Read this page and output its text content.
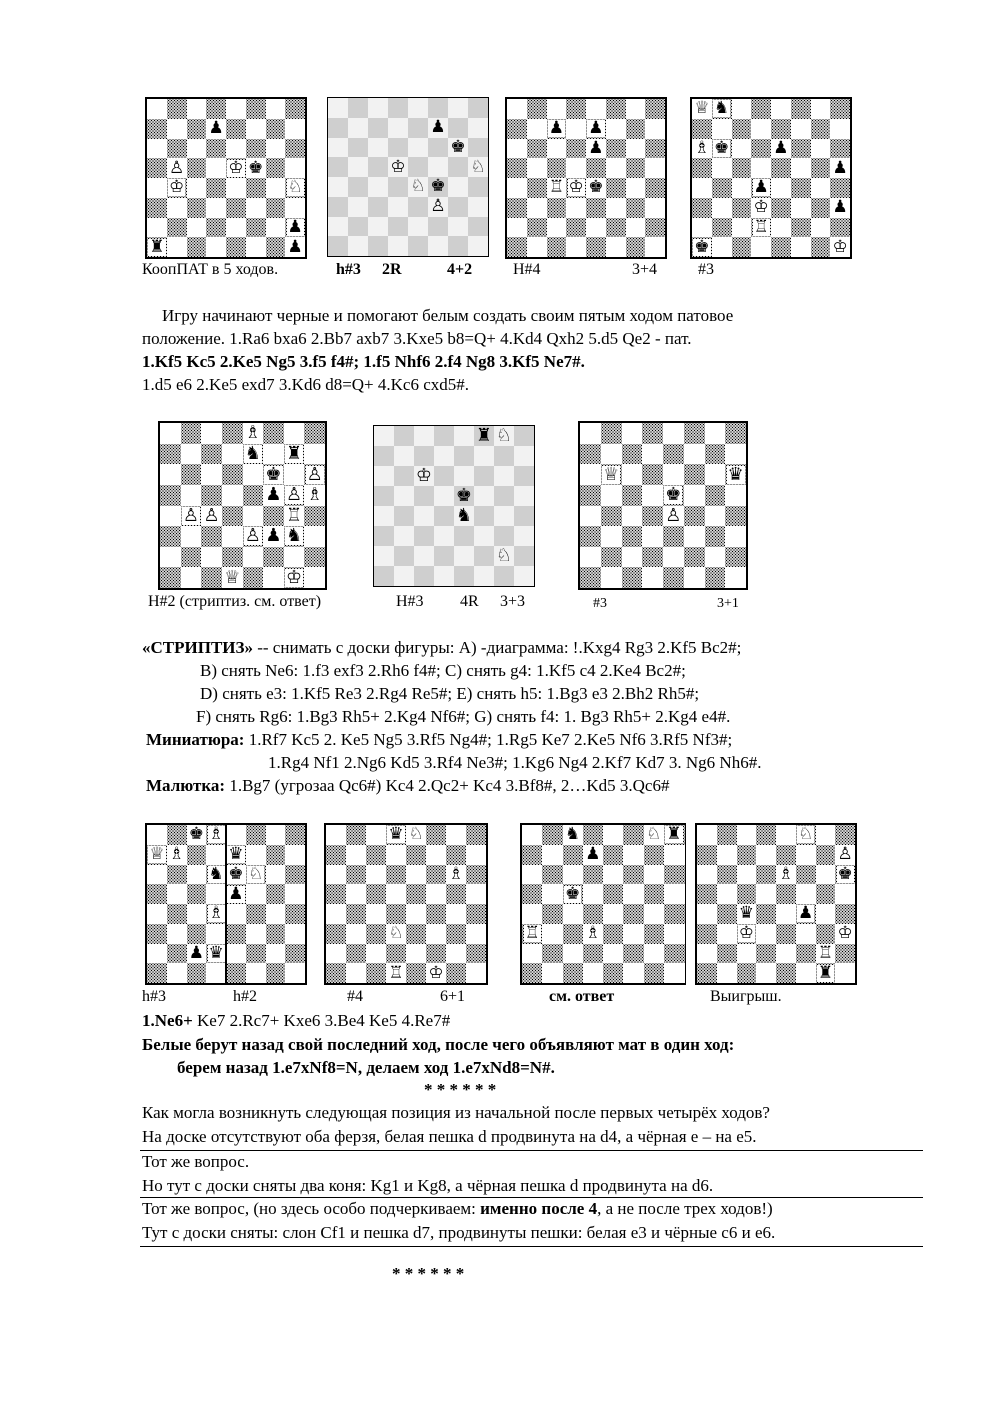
♟
♙	♔ ♚
♔	♘
♟
♜	♟
♟
♚
♔	♘
♘ ♚
♙
♟ ♟
♟
♖ ♔ ♚
♕ ♞
♗ ♚	♟
♟
♟
♔	♟
♖
♚	♔
КоопПАТ в 5 ходов.	h#3 2R	4+2	H#4	3+4	#3
Игру начинают черные и помогают белым создать своим пятым ходом патовое
положение. 1.Ra6 bxa6 2.Bb7 axb7 3.Kxe5 b8=Q+ 4.Kd4 Qxh2 5.d5 Qe2 - пат.
1.Kf5 Kc5 2.Ke5 Ng5 3.f5 f4#; 1.f5 Nhf6 2.f4 Ng8 3.Kf5 Ne7#.
1.d5 e6 2.Ke5 exd7 3.Kd6 d8=Q+ 4.Kc6 cxd5#.
♗
♞ ♜
♚ ♙
♟ ♙ ♗
♙ ♙	♖
♙ ♟ ♞
♕	♔
♜ ♘
♔
♚
♞
♘
♕	♛
♚
♙
H#2 (стриптиз. см. ответ)	H#3 4R 3+3	#3	3+1
«СТРИПТИЗ» -- снимать с доски фигуры: А) -диаграмма: !.Kxg4 Rg3 2.Kf5 Bc2#;
В) снять Ne6: 1.f3 exf3 2.Rh6 f4#; С) снять g4: 1.Kf5 c4 2.Ke4 Bc2#;
D) снять e3: 1.Kf5 Re3 2.Rg4 Re5#; E) снять h5: 1.Bg3 e3 2.Bh2 Rh5#;
F) снять Rg6: 1.Bg3 Rh5+ 2.Kg4 Nf6#; G) снять f4: 1. Bg3 Rh5+ 2.Kg4 e4#.
Миниатюра: 1.Rf7 Kc5 2. Ke5 Ng5 3.Rf5 Ng4#; 1.Rg5 Ke7 2.Ke5 Nf6 3.Rf5 Nf3#;
1.Rg4 Nf1 2.Ng6 Kd5 3.Rf4 Ne3#; 1.Kg6 Ng4 2.Kf7 Kd7 3. Ng6 Nh6#.
Малютка: 1.Bg7 (угрозаа Qc6#) Kc4 2.Qc2+ Kc4 3.Bf8#, 2…Kd5 3.Qc6#
♚ ♗
♕ ♗	♛
♞ ♚ ♘
♟
♗
♟ ♛
♛ ♘
♗
♘
♖ ♔
♞	♘ ♜
♟
♚
♖	♗
♘
♙
♗	♚
♛	♟
♔	♔
♖
♜
h#3	h#2	#4	6+1	см. ответ	Выигрыш.
1.Ne6+ Ke7 2.Rc7+ Kxe6 3.Be4 Ke5 4.Re7#
Белые берут назад свой последний ход, после чего объявляют мат в один ход:
берем назад 1.e7xNf8=N, делаем ход 1.e7xNd8=N#.
* * * * * *
Как могла возникнуть следующая позиция из начальной после первых четырёх ходов?
На доске отсутствуют оба ферзя, белая пешка d продвинута на d4, а чёрная е – на е5.
Тот же вопрос.
Но тут с доски сняты два коня: Kg1 и Kg8, а чёрная пешка d продвинута на d6.
Тот же вопрос, (но здесь особо подчеркиваем: именно после 4, а не после трех ходов!)
Тут с доски сняты: слон Cf1 и пешка d7, продвинуты пешки: белая е3 и чёрные с6 и е6.
* * * * * *
